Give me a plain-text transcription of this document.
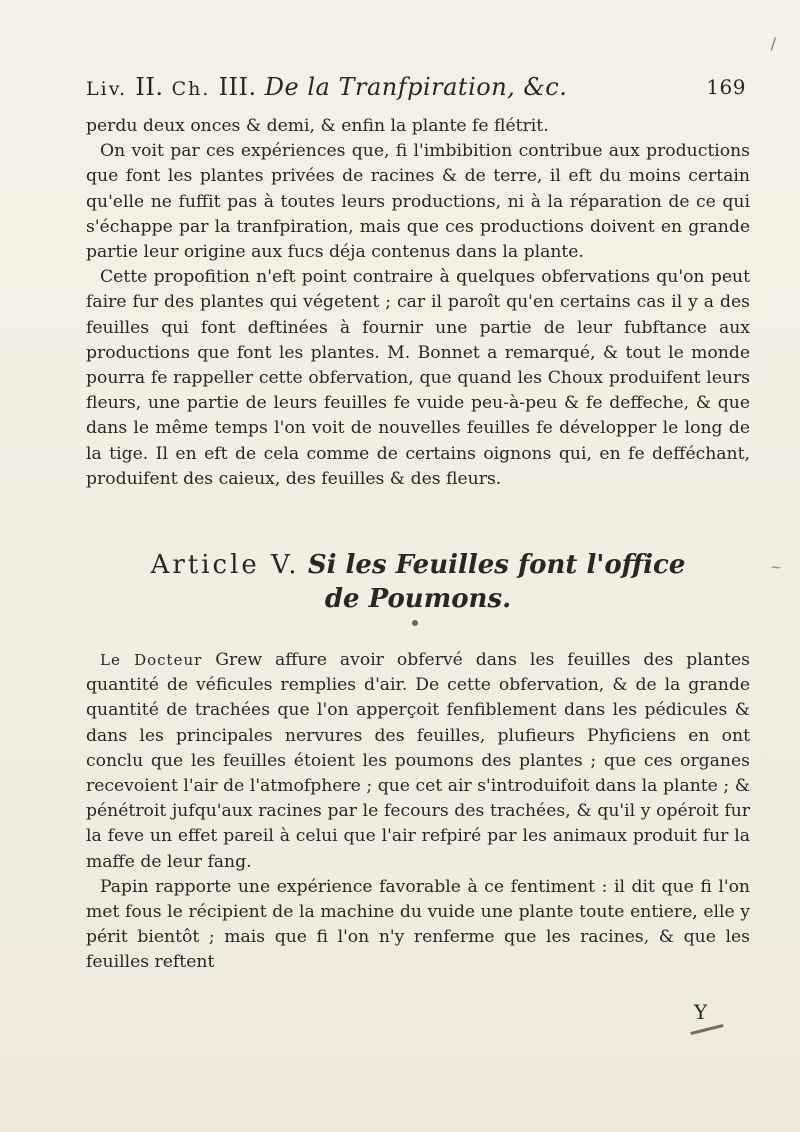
/
Liv. II. Ch. III. De la Tranfpiration, &c.	169

perdu deux onces & demi, & enfin la plante fe flétrit.

On voit par ces expériences que, fi l'imbibition contribue aux productions que font les plantes privées de racines & de terre, il eft du moins certain qu'elle ne fuffit pas à toutes leurs productions, ni à la réparation de ce qui s'échappe par la tranfpiration, mais que ces productions doivent en grande partie leur origine aux fucs déja contenus dans la plante.

Cette propofition n'eft point contraire à quelques obfervations qu'on peut faire fur des plantes qui végetent ; car il paroît qu'en certains cas il y a des feuilles qui font deftinées à fournir une partie de leur fubftance aux productions que font les plantes. M. Bonnet a remarqué, & tout le monde pourra fe rappeller cette obfervation, que quand les Choux produifent leurs fleurs, une partie de leurs feuilles fe vuide peu-à-peu & fe deffeche, & que dans le même temps l'on voit de nouvelles feuilles fe développer le long de la tige. Il en eft de cela comme de certains oignons qui, en fe defféchant, produifent des caieux, des feuilles & des fleurs.

Article V. Si les Feuilles font l'office
de Poumons.
~

Le Docteur Grew affure avoir obfervé dans les feuilles des plantes quantité de véficules remplies d'air. De cette obfervation, & de la grande quantité de trachées que l'on apperçoit fenfiblement dans les pédicules & dans les principales nervures des feuilles, plufieurs Phyficiens en ont conclu que les feuilles étoient les poumons des plantes ; que ces organes recevoient l'air de l'atmofphere ; que cet air s'introduifoit dans la plante ; & pénétroit jufqu'aux racines par le fecours des trachées, & qu'il y opéroit fur la feve un effet pareil à celui que l'air refpiré par les animaux produit fur la maffe de leur fang.

Papin rapporte une expérience favorable à ce fentiment : il dit que fi l'on met fous le récipient de la machine du vuide une plante toute entiere, elle y périt bientôt ; mais que fi l'on n'y renferme que les racines, & que les feuilles reftent

Y
